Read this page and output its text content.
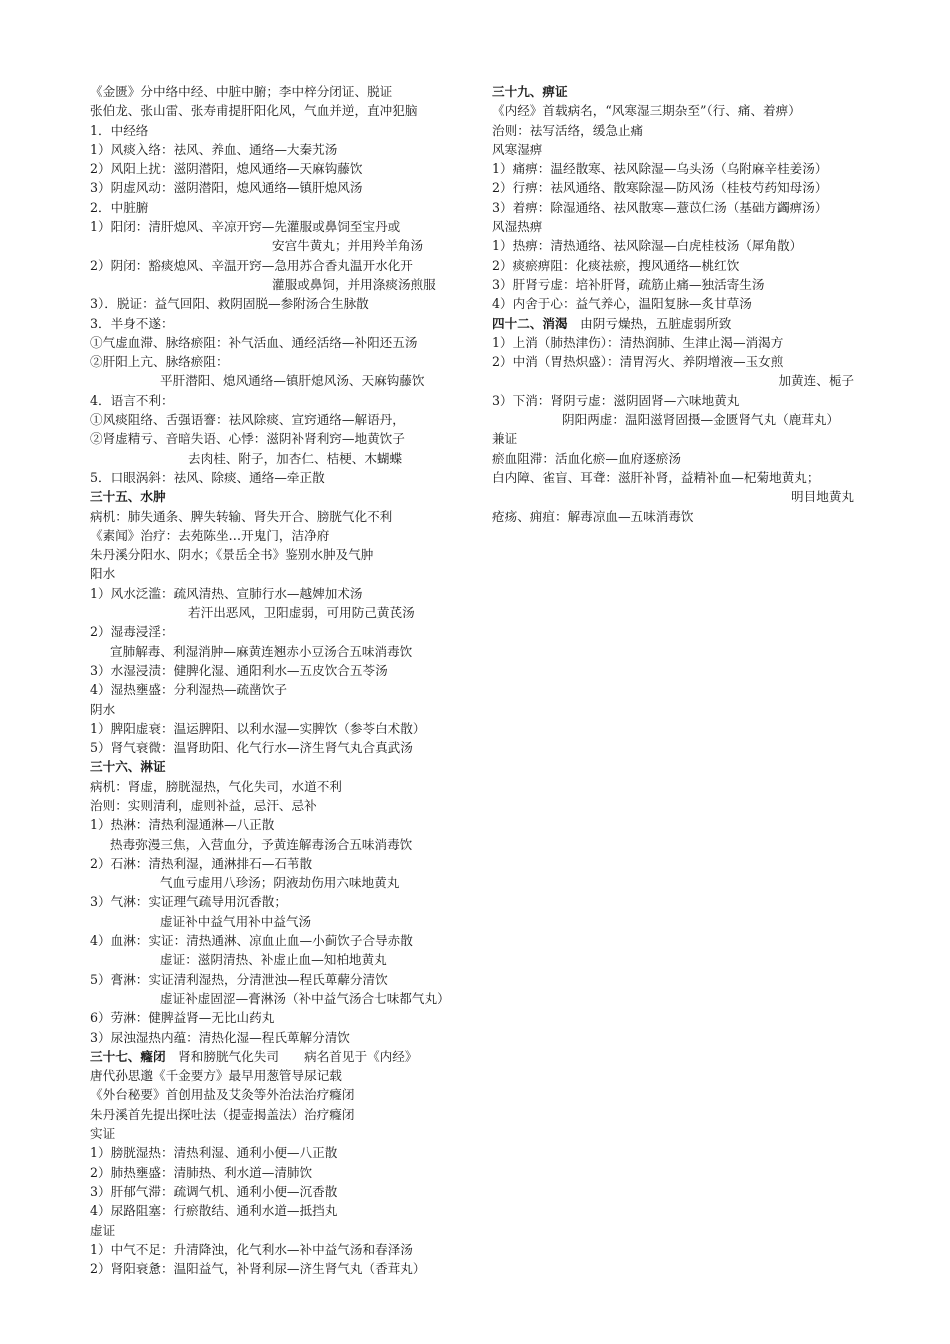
《金匮》分中络中经、中脏中腑；李中梓分闭证、脱证
张伯龙、张山雷、张寿甫提肝阳化风，气血并逆，直冲犯脑
1．中经络
1）风痰入络：祛风、养血、通络—大秦艽汤
2）风阳上扰：滋阴潜阳，熄风通络—天麻钩藤饮
3）阴虚风动：滋阴潜阳，熄风通络—镇肝熄风汤
2．中脏腑
1）阳闭：清肝熄风、辛凉开窍—先灌服或鼻饲至宝丹或
安宫牛黄丸；并用羚羊角汤
2）阴闭：豁痰熄风、辛温开窍—急用苏合香丸温开水化开
灌服或鼻饲，并用涤痰汤煎服
3）．脱证：益气回阳、救阴固脱—参附汤合生脉散
3．半身不遂：
①气虚血滞、脉络瘀阻：补气活血、通经活络—补阳还五汤
②肝阳上亢、脉络瘀阻：
平肝潜阳、熄风通络—镇肝熄风汤、天麻钩藤饮
4．语言不利：
①风痰阻络、舌强语謇：祛风除痰、宣窍通络—解语丹，
②肾虚精亏、音暗失语、心悸：滋阴补肾利窍—地黄饮子
去肉桂、附子，加杏仁、桔梗、木蝴蝶
5．口眼涡斜：祛风、除痰、通络—牵正散
三十五、水肿
病机：肺失通条、脾失转输、肾失开合、膀胱气化不利
《素闻》治疗：去苑陈坐…开鬼门，洁净府
朱丹溪分阳水、阴水；《景岳全书》鉴别水肿及气肿
阳水
1）风水泛滥：疏风清热、宣肺行水—越婢加术汤
若汗出恶风，卫阳虚弱，可用防己黄芪汤
2）湿毒浸淫：
宣肺解毒、利湿消肿—麻黄连翘赤小豆汤合五味消毒饮
3）水湿浸渍：健脾化湿、通阳利水—五皮饮合五苓汤
4）湿热壅盛：分利湿热—疏凿饮子
阴水
1）脾阳虚衰：温运脾阳、以利水湿—实脾饮（参苓白术散）
5）肾气衰微：温肾助阳、化气行水—济生肾气丸合真武汤
三十六、淋证
病机：肾虚，膀胱湿热，气化失司，水道不利
治则：实则清利，虚则补益，忌汗、忌补
1）热淋：清热利湿通淋—八正散
热毒弥漫三焦，入营血分，予黄连解毒汤合五味消毒饮
2）石淋：清热利湿，通淋排石—石苇散
气血亏虚用八珍汤；阴液劫伤用六味地黄丸
3）气淋：实证理气疏导用沉香散；
虚证补中益气用补中益气汤
4）血淋：实证：清热通淋、凉血止血—小蓟饮子合导赤散
虚证：滋阴清热、补虚止血—知柏地黄丸
5）膏淋：实证清利湿热，分清泄浊—程氏萆薢分清饮
虚证补虚固涩—膏淋汤（补中益气汤合七味都气丸）
6）劳淋：健脾益肾—无比山药丸
3）尿浊湿热内蕴：清热化湿—程氏萆解分清饮
三十七、癃闭　肾和膀胱气化失司　　病名首见于《内经》
唐代孙思邈《千金要方》最早用葱管导尿记载
《外台秘要》首创用盐及艾灸等外治法治疗癃闭
朱丹溪首先提出探吐法（提壶揭盖法）治疗癃闭
实证
1）膀胱湿热：清热利湿、通利小便—八正散
2）肺热壅盛：清肺热、利水道—清肺饮
3）肝郁气滞：疏调气机、通利小便—沉香散
4）尿路阻塞：行瘀散结、通利水道—抵挡丸
虚证
1）中气不足：升清降浊，化气利水—补中益气汤和春泽汤
2）肾阳衰惫：温阳益气，补肾利尿—济生肾气丸（香茸丸）
三十九、痹证
《内经》首载病名，“风寒湿三期杂至”（行、痛、着痹）
治则：祛写活络，缓急止痛
风寒湿痹
1）痛痹：温经散寒、祛风除湿—乌头汤（乌附麻辛桂姜汤）
2）行痹：祛风通络、散寒除湿—防风汤（桂枝芍药知母汤）
3）着痹：除湿通络、祛风散寒—薏苡仁汤（基础方蠲痹汤）
风湿热痹
1）热痹：清热通络、祛风除湿—白虎桂枝汤（犀角散）
2）痰瘀痹阻：化痰祛瘀，搜风通络—桃红饮
3）肝肾亏虚：培补肝肾，疏筋止痛—独活寄生汤
4）内舍于心：益气养心，温阳复脉—炙甘草汤
四十二、消渴　由阴亏燥热，五脏虚弱所致
1）上消（肺热津伤）：清热润肺、生津止渴—消渴方
2）中消（胃热炽盛）：清胃泻火、养阴增液—玉女煎
加黄连、栀子
3）下消：肾阴亏虚：滋阴固肾—六味地黄丸
阴阳两虚：温阳滋肾固摄—金匮肾气丸（鹿茸丸）
兼证
瘀血阻滞：活血化瘀—血府逐瘀汤
白内障、雀盲、耳聋：滋肝补肾，益精补血—杞菊地黄丸；
明目地黄丸
疮疡、痈疽：解毒凉血—五味消毒饮
